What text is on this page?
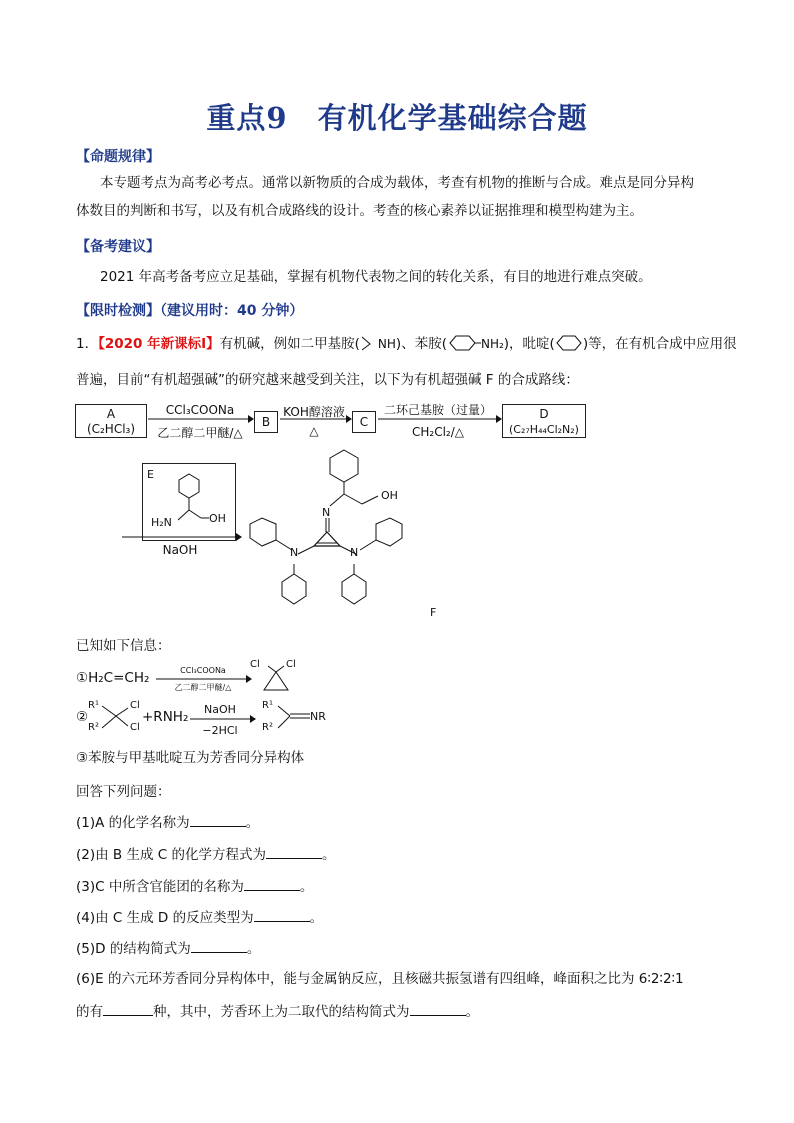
重点9　有机化学基础综合题
【命题规律】
本专题考点为高考必考点。通常以新物质的合成为载体，考查有机物的推断与合成。难点是同分异构
体数目的判断和书写，以及有机合成路线的设计。考查的核心素养以证据推理和模型构建为主。
【备考建议】
2021 年高考备考应立足基础，掌握有机物代表物之间的转化关系，有目的地进行难点突破。
【限时检测】（建议用时：40 分钟）
1．【2020 年新课标Ⅰ】有机碱，例如二甲基胺( NH)、苯胺(	NH₂)，吡啶( )等，在有机合成中应用很
普遍，目前“有机超强碱”的研究越来越受到关注，以下为有机超强碱 F 的合成路线：
A
(C₂HCl₃)
CCl₃COONa
乙二醇二甲醚/△
B
KOH醇溶液
△
C
二环己基胺（过量）
CH₂Cl₂/△
D
(C₂₇H₄₄Cl₂N₂)
E
H₂N	OH
NaOH
OH
N
N	N
F
已知如下信息：
①H₂C=CH₂	CCl₃COONa
乙二醇二甲醚/△
Cl	Cl
②
R¹
R²
Cl
Cl
+RNH₂	NaOH
−2HCl
R¹
R²
NR
③苯胺与甲基吡啶互为芳香同分异构体
回答下列问题：
(1)A 的化学名称为	。
(2)由 B 生成 C 的化学方程式为	。
(3)C 中所含官能团的名称为	。
(4)由 C 生成 D 的反应类型为	。
(5)D 的结构简式为	。
(6)E 的六元环芳香同分异构体中，能与金属钠反应，且核磁共振氢谱有四组峰，峰面积之比为 6∶2∶2∶1
的有	种，其中，芳香环上为二取代的结构简式为	。
